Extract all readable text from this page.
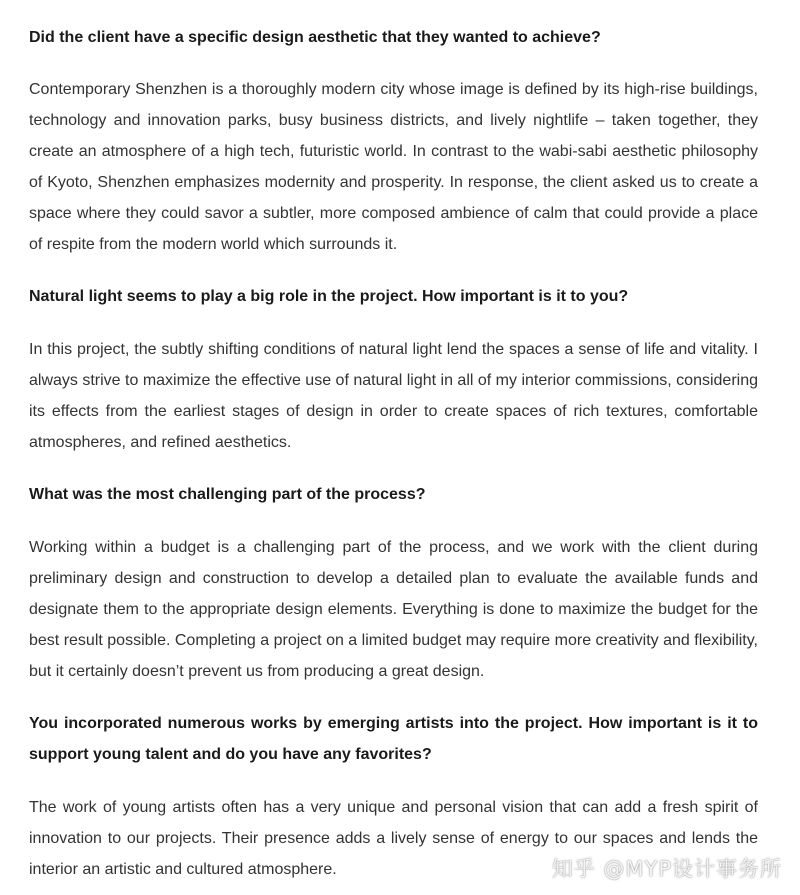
Did the client have a specific design aesthetic that they wanted to achieve?

Contemporary Shenzhen is a thoroughly modern city whose image is defined by its high-rise buildings, technology and innovation parks, busy business districts, and lively nightlife – taken together, they create an atmosphere of a high tech, futuristic world. In contrast to the wabi-sabi aesthetic philosophy of Kyoto, Shenzhen emphasizes modernity and prosperity. In response, the client asked us to create a space where they could savor a subtler, more composed ambience of calm that could provide a place of respite from the modern world which surrounds it.

Natural light seems to play a big role in the project. How important is it to you?

In this project, the subtly shifting conditions of natural light lend the spaces a sense of life and vitality. I always strive to maximize the effective use of natural light in all of my interior commissions, considering its effects from the earliest stages of design in order to create spaces of rich textures, comfortable atmospheres, and refined aesthetics.

What was the most challenging part of the process?

Working within a budget is a challenging part of the process, and we work with the client during preliminary design and construction to develop a detailed plan to evaluate the available funds and designate them to the appropriate design elements. Everything is done to maximize the budget for the best result possible. Completing a project on a limited budget may require more creativity and flexibility, but it certainly doesn’t prevent us from producing a great design.

You incorporated numerous works by emerging artists into the project. How important is it to support young talent and do you have any favorites?

The work of young artists often has a very unique and personal vision that can add a fresh spirit of innovation to our projects. Their presence adds a lively sense of energy to our spaces and lends the interior an artistic and cultured atmosphere.	知乎 @MYP设计事务所
